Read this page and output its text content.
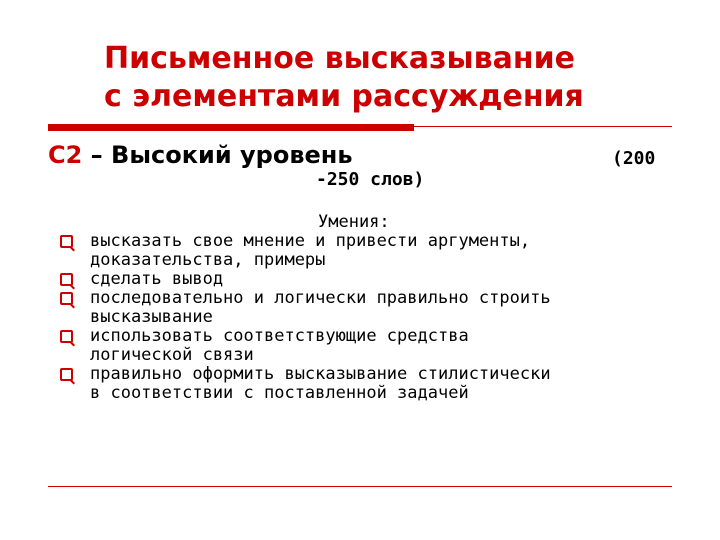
Письменное высказывание
с элементами рассуждения
С2 – Высокий уровень	(200
-250 слов)
Умения:
высказать свое мнение и привести аргументы,
доказательства, примеры
сделать вывод
последовательно и логически правильно строить
высказывание
использовать соответствующие средства
логической связи
правильно оформить высказывание стилистически
в соответствии с поставленной задачей
